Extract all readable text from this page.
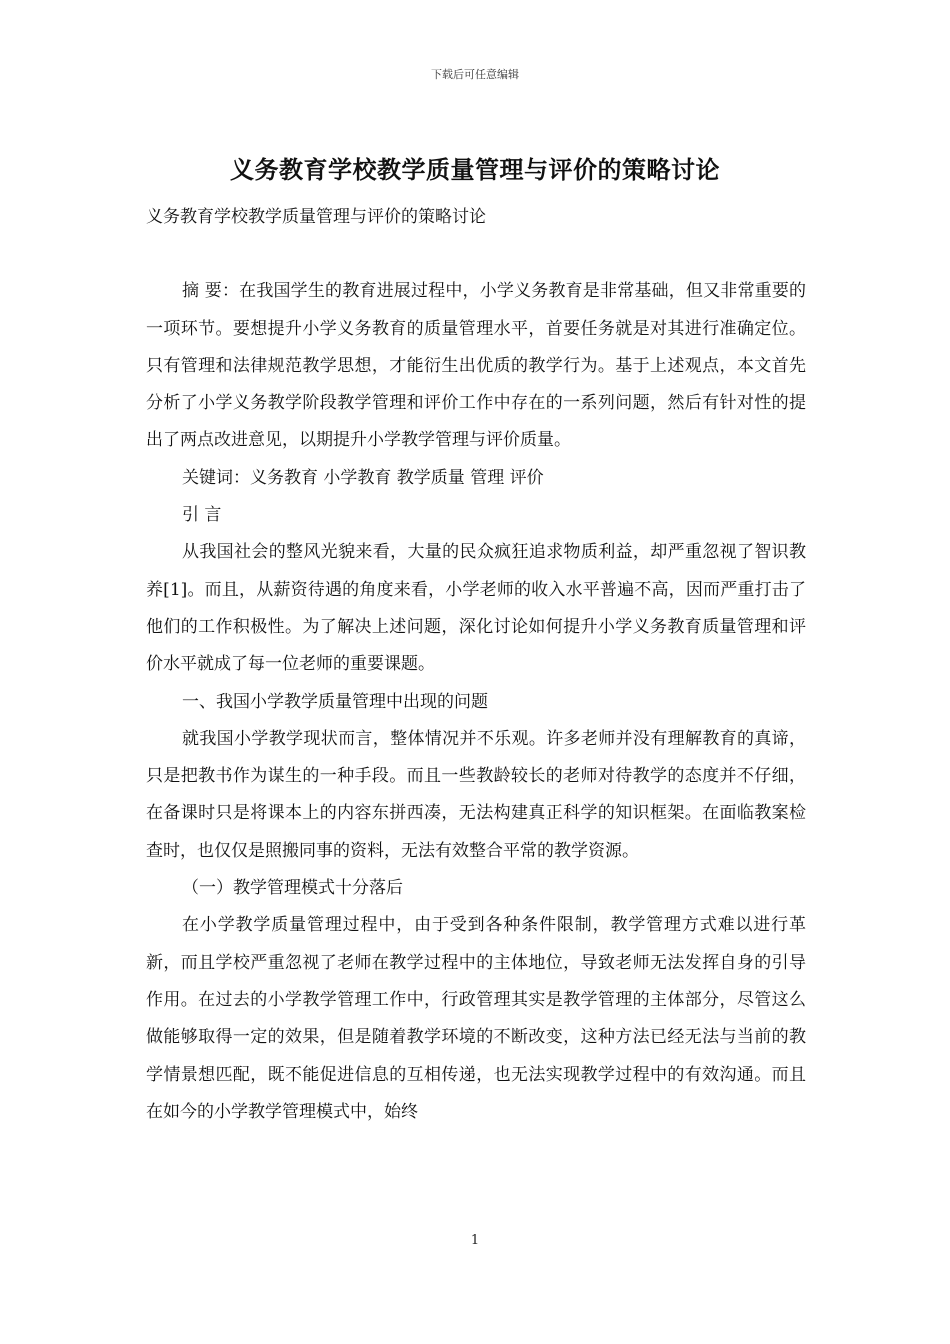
下载后可任意编辑
义务教育学校教学质量管理与评价的策略讨论

义务教育学校教学质量管理与评价的策略讨论

摘 要：在我国学生的教育进展过程中，小学义务教育是非常基础，但又非常重要的一项环节。要想提升小学义务教育的质量管理水平，首要任务就是对其进行准确定位。只有管理和法律规范教学思想，才能衍生出优质的教学行为。基于上述观点，本文首先分析了小学义务教学阶段教学管理和评价工作中存在的一系列问题，然后有针对性的提出了两点改进意见，以期提升小学教学管理与评价质量。

关键词：义务教育 小学教育 教学质量 管理 评价

引 言

从我国社会的整风光貌来看，大量的民众疯狂追求物质利益，却严重忽视了智识教养[1]。而且，从薪资待遇的角度来看，小学老师的收入水平普遍不高，因而严重打击了他们的工作积极性。为了解决上述问题，深化讨论如何提升小学义务教育质量管理和评价水平就成了每一位老师的重要课题。

一、我国小学教学质量管理中出现的问题

就我国小学教学现状而言，整体情况并不乐观。许多老师并没有理解教育的真谛，只是把教书作为谋生的一种手段。而且一些教龄较长的老师对待教学的态度并不仔细，在备课时只是将课本上的内容东拼西凑，无法构建真正科学的知识框架。在面临教案检查时，也仅仅是照搬同事的资料，无法有效整合平常的教学资源。

（一）教学管理模式十分落后

在小学教学质量管理过程中，由于受到各种条件限制，教学管理方式难以进行革新，而且学校严重忽视了老师在教学过程中的主体地位，导致老师无法发挥自身的引导作用。在过去的小学教学管理工作中，行政管理其实是教学管理的主体部分，尽管这么做能够取得一定的效果，但是随着教学环境的不断改变，这种方法已经无法与当前的教学情景想匹配，既不能促进信息的互相传递，也无法实现教学过程中的有效沟通。而且在如今的小学教学管理模式中，始终

1
